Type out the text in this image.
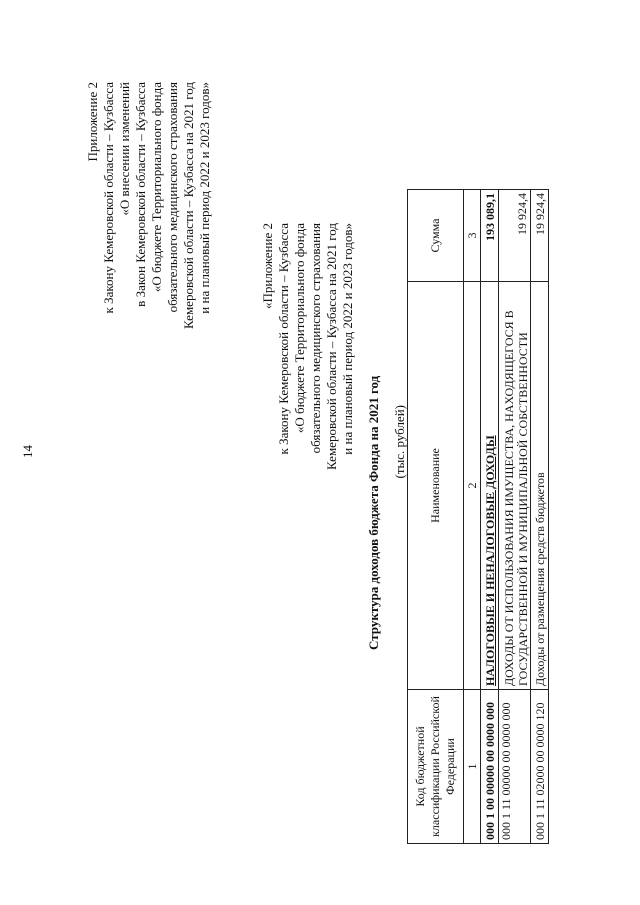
14
Приложение 2 к Закону Кемеровской области – Кузбасса «О внесении изменений в Закон Кемеровской области – Кузбасса «О бюджете Территориального фонда обязательного медицинского страхования Кемеровской области – Кузбасса на 2021 год и на плановый период 2022 и 2023 годов»	«Приложение 2 к Закону Кемеровской области – Кузбасса «О бюджете Территориального фонда обязательного медицинского страхования Кемеровской области – Кузбасса на 2021 год и на плановый период 2022 и 2023 годов»
Структура доходов бюджета Фонда на 2021 год (тыс. рублей)
Код бюджетной классификации Российской Федерации	Наименование	Сумма
1	2	3
000 1 00 00000 00 0000 000	НАЛОГОВЫЕ И НЕНАЛОГОВЫЕ ДОХОДЫ	193 089,1
000 1 11 00000 00 0000 000	ДОХОДЫ ОТ ИСПОЛЬЗОВАНИЯ ИМУЩЕСТВА, НАХОДЯЩЕГОСЯ В ГОСУДАРСТВЕННОЙ И МУНИЦИПАЛЬНОЙ СОБСТВЕННОСТИ	19 924,4
000 1 11 02000 00 0000 120	Доходы от размещения средств бюджетов	19 924,4
